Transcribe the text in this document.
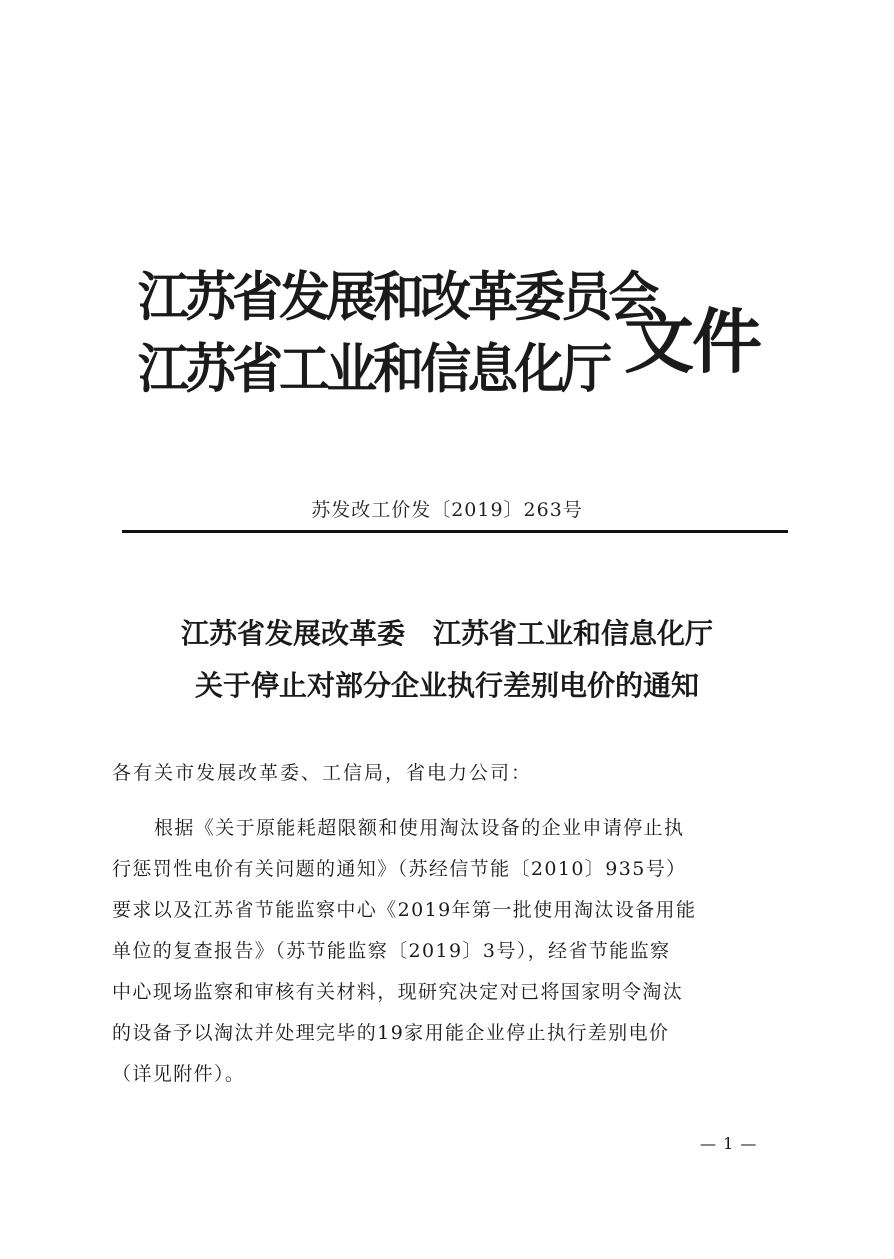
江苏省发展和改革委员会
江苏省工业和信息化厅 文件
苏发改工价发〔2019〕263号
江苏省发展改革委　江苏省工业和信息化厅
关于停止对部分企业执行差别电价的通知
各有关市发展改革委、工信局，省电力公司：
根据《关于原能耗超限额和使用淘汰设备的企业申请停止执
行惩罚性电价有关问题的通知》（苏经信节能〔2010〕935号）
要求以及江苏省节能监察中心《2019年第一批使用淘汰设备用能
单位的复查报告》（苏节能监察〔2019〕3号），经省节能监察
中心现场监察和审核有关材料，现研究决定对已将国家明令淘汰
的设备予以淘汰并处理完毕的19家用能企业停止执行差别电价
（详见附件）。
— 1 —
